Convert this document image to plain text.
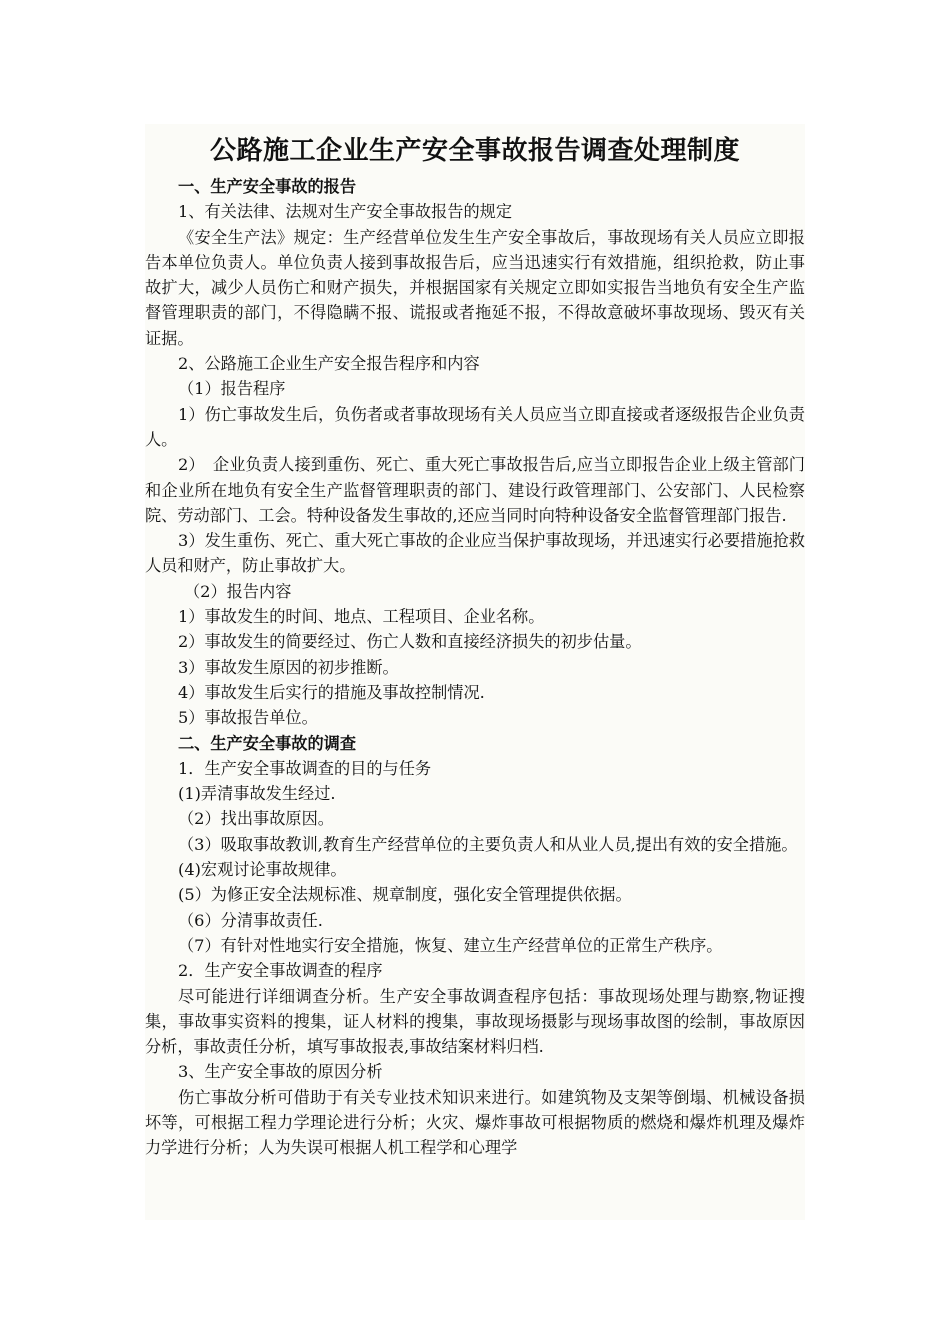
公路施工企业生产安全事故报告调查处理制度

一、生产安全事故的报告

1、有关法律、法规对生产安全事故报告的规定

《安全生产法》规定：生产经营单位发生生产安全事故后，事故现场有关人员应立即报告本单位负责人。单位负责人接到事故报告后，应当迅速实行有效措施，组织抢救，防止事故扩大，减少人员伤亡和财产损失，并根据国家有关规定立即如实报告当地负有安全生产监督管理职责的部门，不得隐瞒不报、谎报或者拖延不报，不得故意破坏事故现场、毁灭有关证据。

2、公路施工企业生产安全报告程序和内容

（1）报告程序

1）伤亡事故发生后，负伤者或者事故现场有关人员应当立即直接或者逐级报告企业负责人。

2）　企业负责人接到重伤、死亡、重大死亡事故报告后,应当立即报告企业上级主管部门和企业所在地负有安全生产监督管理职责的部门、建设行政管理部门、公安部门、人民检察院、劳动部门、工会。特种设备发生事故的,还应当同时向特种设备安全监督管理部门报告.

3）发生重伤、死亡、重大死亡事故的企业应当保护事故现场，并迅速实行必要措施抢救人员和财产，防止事故扩大。

（2）报告内容

1）事故发生的时间、地点、工程项目、企业名称。

2）事故发生的简要经过、伤亡人数和直接经济损失的初步估量。

3）事故发生原因的初步推断。

4）事故发生后实行的措施及事故控制情况.

5）事故报告单位。

二、生产安全事故的调查

1．生产安全事故调查的目的与任务

(1)弄清事故发生经过.

（2）找出事故原因。

（3）吸取事故教训,教育生产经营单位的主要负责人和从业人员,提出有效的安全措施。

(4)宏观讨论事故规律。

(5）为修正安全法规标准、规章制度，强化安全管理提供依据。

（6）分清事故责任.

（7）有针对性地实行安全措施，恢复、建立生产经营单位的正常生产秩序。

2．生产安全事故调查的程序

尽可能进行详细调查分析。生产安全事故调查程序包括：事故现场处理与勘察,物证搜集，事故事实资料的搜集，证人材料的搜集，事故现场摄影与现场事故图的绘制，事故原因分析，事故责任分析，填写事故报表,事故结案材料归档.

3、生产安全事故的原因分析

伤亡事故分析可借助于有关专业技术知识来进行。如建筑物及支架等倒塌、机械设备损坏等，可根据工程力学理论进行分析；火灾、爆炸事故可根据物质的燃烧和爆炸机理及爆炸力学进行分析；人为失误可根据人机工程学和心理学
